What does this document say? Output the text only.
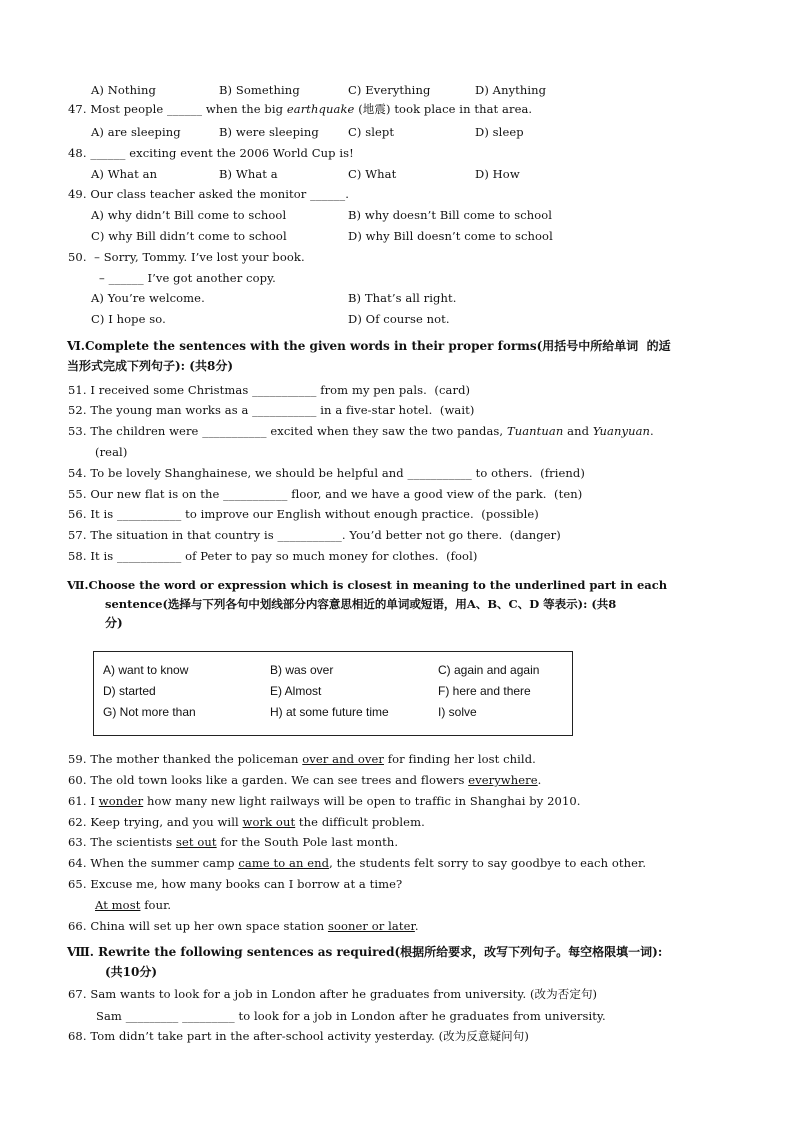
A) Nothing	B) Something	C) Everything	D) Anything
47. Most people ______ when the big earthquake (地震) took place in that area.
A) are sleeping	B) were sleeping	C) slept	D) sleep
48. ______ exciting event the 2006 World Cup is!
A) What an	B) What a	C) What	D) How
49. Our class teacher asked the monitor ______.
A) why didn’t Bill come to school	B) why doesn’t Bill come to school
C) why Bill didn’t come to school	D) why Bill doesn’t come to school
50.  – Sorry, Tommy. I’ve lost your book.
– ______ I’ve got another copy.
A) You’re welcome.	B) That’s all right.
C) I hope so.	D) Of course not.
Ⅵ.Complete the sentences with the given words in their proper forms(用括号中所给单词  的适
当形式完成下列句子): (共8分)
51. I received some Christmas ___________ from my pen pals.  (card)
52. The young man works as a ___________ in a five-star hotel.  (wait)
53. The children were ___________ excited when they saw the two pandas, Tuantuan and Yuanyuan.
(real)
54. To be lovely Shanghainese, we should be helpful and ___________ to others.  (friend)
55. Our new flat is on the ___________ floor, and we have a good view of the park.  (ten)
56. It is ___________ to improve our English without enough practice.  (possible)
57. The situation in that country is ___________. You’d better not go there.  (danger)
58. It is ___________ of Peter to pay so much money for clothes.  (fool)
Ⅶ.Choose the word or expression which is closest in meaning to the underlined part in each
sentence(选择与下列各句中划线部分内容意思相近的单词或短语，用A、B、C、D 等表示): (共8
分)
A) want to know	B) was over	C) again and again
D) started	E) Almost	F) here and there
G) Not more than	H) at some future time	I) solve
59. The mother thanked the policeman over and over for finding her lost child.
60. The old town looks like a garden. We can see trees and flowers everywhere.
61. I wonder how many new light railways will be open to traffic in Shanghai by 2010.
62. Keep trying, and you will work out the difficult problem.
63. The scientists set out for the South Pole last month.
64. When the summer camp came to an end, the students felt sorry to say goodbye to each other.
65. Excuse me, how many books can I borrow at a time?
At most four.
66. China will set up her own space station sooner or later.
Ⅷ. Rewrite the following sentences as required(根据所给要求，改写下列句子。每空格限填一词):
(共10分)
67. Sam wants to look for a job in London after he graduates from university. (改为否定句)
Sam _________ _________ to look for a job in London after he graduates from university.
68. Tom didn’t take part in the after-school activity yesterday. (改为反意疑问句)
